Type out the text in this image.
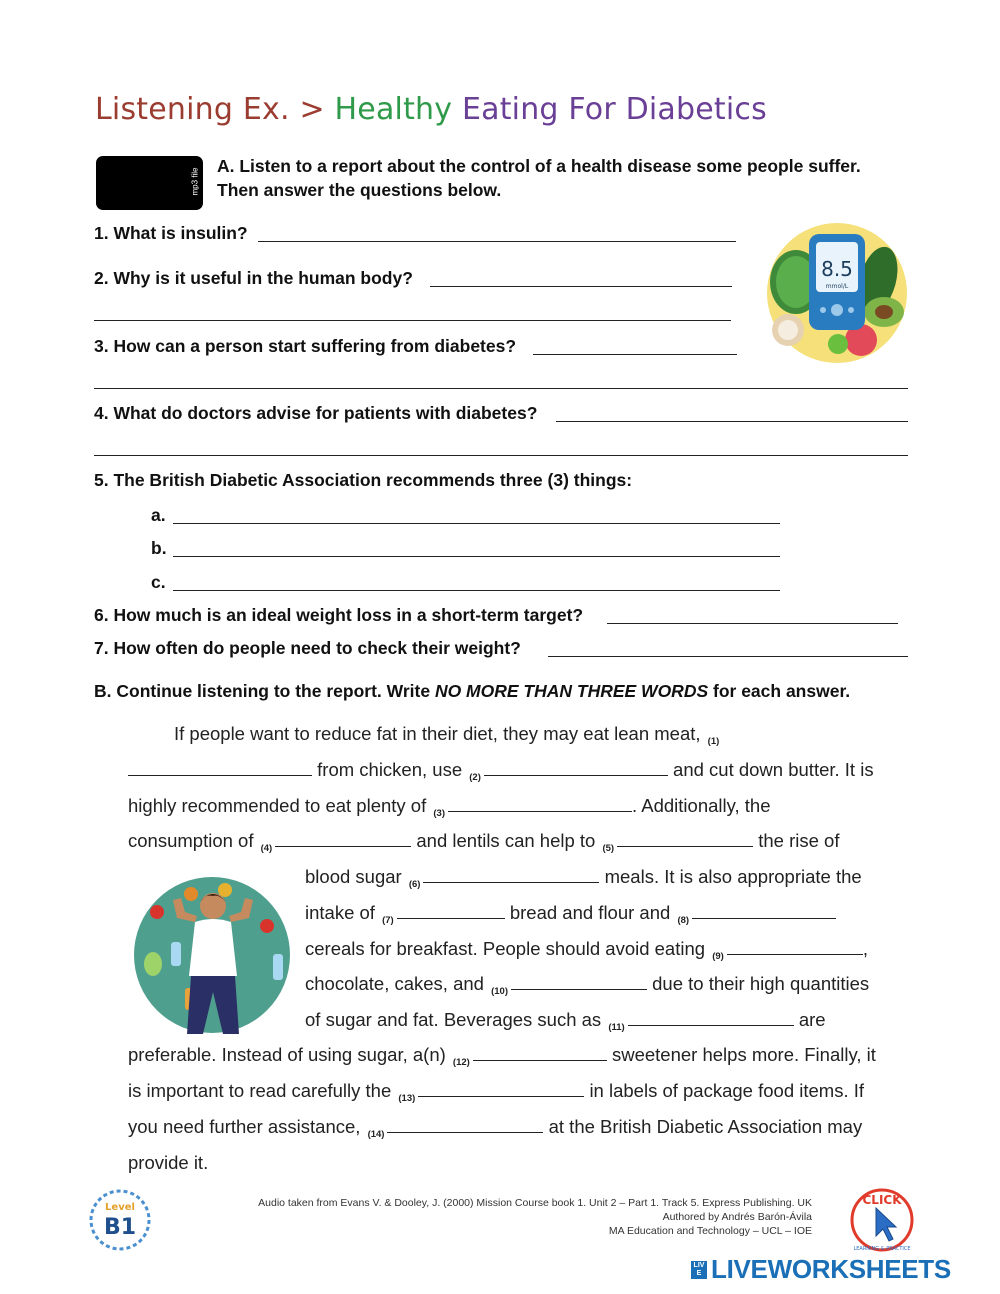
Listening Ex. > Healthy Eating For Diabetics
mp3 file
A. Listen to a report about the control of a health disease some people suffer.
Then answer the questions below.
1. What is insulin?
2. Why is it useful in the human body?
3. How can a person start suffering from diabetes?
4. What do doctors advise for patients with diabetes?
5. The British Diabetic Association recommends three (3) things:
a.
b.
c.
6. How much is an ideal weight loss in a short-term target?
7. How often do people need to check their weight?
8.5
mmol/L
B. Continue listening to the report. Write NO MORE THAN THREE WORDS for each answer.
If people want to reduce fat in their diet, they may eat lean meat, $_{(1)}$
from chicken, use $_{(2)}$	and cut down butter. It is
highly recommended to eat plenty of $_{(3)}$	. Additionally, the
consumption of $_{(4)}$	and lentils can help to $_{(5)}$	the rise of
blood sugar $_{(6)}$	meals. It is also appropriate the
intake of $_{(7)}$	bread and flour and $_{(8)}$
cereals for breakfast. People should avoid eating $_{(9)}$	,
chocolate, cakes, and $_{(10)}$	due to their high quantities
of sugar and fat. Beverages such as $_{(11)}$	are
preferable. Instead of using sugar, a(n) $_{(12)}$	sweetener helps more. Finally, it
is important to read carefully the $_{(13)}$	in labels of package food items. If
you need further assistance, $_{(14)}$	at the British Diabetic Association may
provide it.
Level
B1
Audio taken from Evans V. & Dooley, J. (2000) Mission Course book 1. Unit 2 – Part 1. Track 5. Express Publishing. UK
Authored by Andrés Barón-Ávila
MA Education and Technology – UCL – IOE
CLICK
LEARNING & PRACTICE
LIVE LIVEWORKSHEETS
